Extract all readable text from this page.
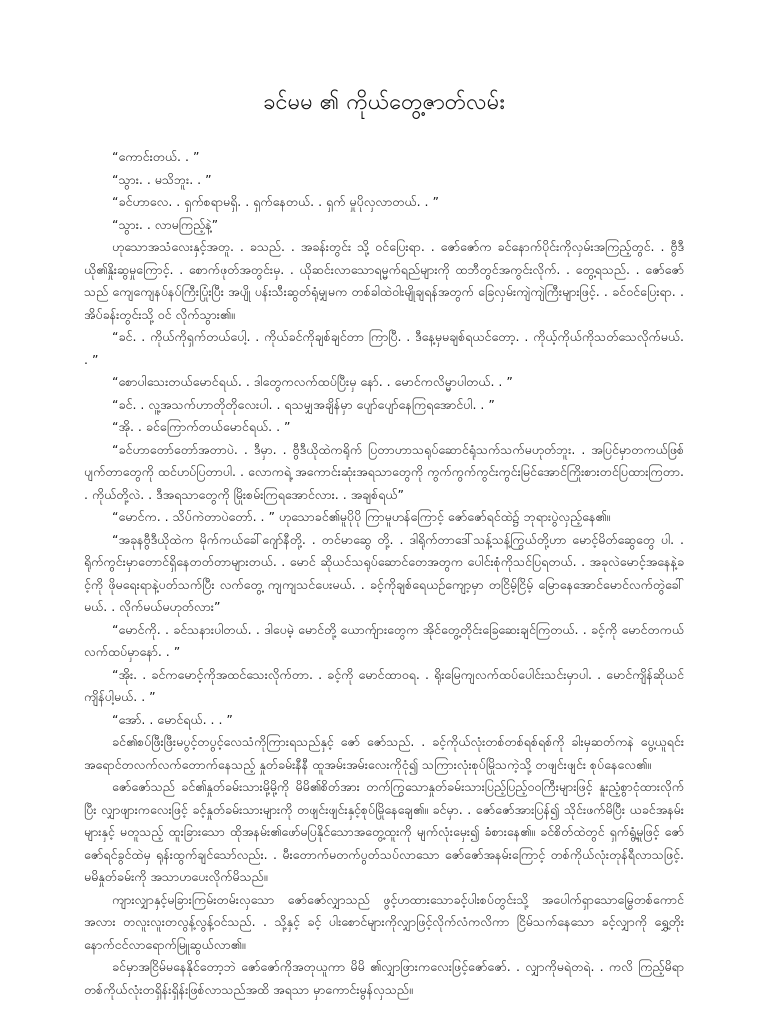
ခင်မမ ၏ ကိုယ်တွေ့ဇာတ်လမ်း

“ကောင်းတယ်. . ”

“သွား. . မသိဘူး. . ”

“ခင်ဟာလေ. . ရှက်စရာမရှိ. . ရှက်နေတယ်. . ရှက် မှုပိုလှလာတယ်. . ”

“သွား. . လာမကြည့်နဲ့”

ဟုသောအသံလေးနှင့်အတူ. . ခသည်. . အခန်းတွင်း သို့ ဝင်ပြေးရာ. . ဇော်ဇော်က ခင်နောက်ပိုင်းကိုလှမ်းအကြည့်တွင်. . ဗွီဒီယို၏နှိုးဆွမှုကြောင့်. . စောက်ဖုတ်အတွင်းမှ. . ယိုဆင်းလာသောရမ္မက်ရည်များကို ထဘီတွင်အကွင်းလိုက်. . တွေ့ရသည်. . ဇော်ဇော်သည် ကျေကျေနပ်နပ်ကြီးပြုံးပြီး အပျို ပန်းသီးဆွတ်ရုံမျှမက တစ်ခါထဲဝါးမျိုချရန်အတွက် ခြေလှမ်းကျဲကျဲကြီးများဖြင့်. . ခင်ဝင်ပြေးရာ. . အိပ်ခန်းတွင်းသို့ ဝင် လိုက်သွား၏။

“ခင်. . ကိုယ်ကိုရှက်တယ်ပေါ့. . ကိုယ်ခင်ကိုချစ်ချင်တာ ကြာပြီ. . ဒီနေ့မှမချစ်ရယင်တော့. . ကိုယ့်ကိုယ်ကိုသတ်သေလိုက်မယ်. . ”

“စောပါသေးတယ်မောင်ရယ်. . ဒါတွေကလက်ထပ်ပြီးမှ နော်. . မောင်ကလိမ္မာပါတယ်. . ”

“ခင်. . လူ့အသက်ဟာတိုတိုလေးပါ. . ရသမျှအချိန်မှာ ပျော်ပျော်နေကြရအောင်ပါ. . ”

“အို. . ခင်ကြောက်တယ်မောင်ရယ်. . ”

“ခင်ဟာတော်တော်အတာပဲ. . ဒီမှာ. . ဗွီဒီယိုထဲကရိုက် ပြတာဟာသရုပ်ဆောင်ရုံသက်သက်မဟုတ်ဘူး. . အပြင်မှာတကယ်ဖြစ်ပျက်တာတွေကို ထင်ဟပ်ပြတာပါ. . လောကရဲ့ အကောင်းဆုံးအရသာတွေကို ကွက်ကွက်ကွင်းကွင်းမြင်အောင်ကြိုးစားတင်ပြထားကြတာ. . ကိုယ်တို့လဲ. . ဒီအရသာတွေကို မြိုးစမ်းကြရအောင်လား. . အချစ်ရယ်”

“မောင်က. . သိပ်ကဲတာပဲတော်. . ” ဟုသောခင်၏မူပိုပို ကြာမူဟန်ကြောင့် ဇော်ဇော်ရင်ထဲ၌ ဘုရားပွဲလှည့်နေ၏။

“အခုနဗွီဒီယိုထဲက မိုက်ကယ်ခေါ်ဂျော်နီတို့. . တင်မာဆွေ တို့. . ဒါရိုက်တာဒေါ်သန့်သန့်ကြွယ်တို့ဟာ မောင့်မိတ်ဆွေတွေ ပါ. . ရိုက်ကွင်းမှာတောင်ရှိနေတတ်တာများတယ်. . မောင် ဆိုယင်သရုပ်ဆောင်တေအတွက ပေါင်းစုံကိုသင်ပြရတယ်. . အခုလဲမောင့်အနေနဲ့ခင့်ကို ဖိုမရေးရာနဲ့ပတ်သက်ပြီး လက်တွေ့ ကျကျသင်ပေးမယ်. . ခင့်ကိုချစ်ရေယဉ်ကျော့မှာ တငြိမ့်ငြိမ့် မြောနေအောင်မောင်လက်တွဲခေါ်မယ်. . လိုက်မယ်မဟုတ်လား”

“မောင်ကို. . ခင်သနားပါတယ်. . ဒါပေမဲ့ မောင်တို့ ယောက်ျားတွေက အိုင်တွေ့တိုင်းခြေဆေးချင်ကြတယ်. . ခင့်ကို မောင်တကယ်လက်ထပ်မှာနော်. . ”

“အိုး. . ခင်ကမောင့်ကိုအထင်သေးလိုက်တာ. . ခင့်ကို မောင်ထာဝရ. . ရိုးမြေကျလက်ထပ်ပေါင်းသင်းမှာပါ. . မောင်ကျိန်ဆိုယင်ကျိန်ပါ့မယ်. . ”

“အော်. . မောင်ရယ်. . . ”

ခင်၏စပ်ဖြီးဖြီးမပွင့်တပွင့်လေသံကိုကြားရသည်နှင့် ဇော် ဇော်သည်. . ခင့်ကိုယ်လုံးတစ်တစ်ရစ်ရစ်ကို ခါးမှဆတ်ကနဲ ပွေ့ယူရင်း အရောင်တလက်လက်တောက်နေသည့် နှုတ်ခမ်းနီနီ ထူအမ်းအမ်းလေးကိုငုံ၍ သကြားလုံးစုပ်မြိုသကဲ့သို့ တဖျင်းဖျင်း စုပ်နေလေ၏။

ဇော်ဇော်သည် ခင်၏နှုတ်ခမ်းသားမို့မို့ကို မိမိ၏စိတ်အား တက်ကြွသောနှုတ်ခမ်းသားပြည့်ပြည့်ဝဝကြီးများဖြင့် နူးညံ့စွာငုံထားလိုက်ပြီး လျှာဖျားကလေးဖြင့် ခင့်နှုတ်ခမ်းသားများကို တဖျင်းဖျင်းနှင့်စုပ်မြိုနေချေ၏။ ခင်မှာ. . ဇော်ဇော်အားပြန်၍ သိုင်းဖက်မိပြီး ယခင်အနမ်းများနှင့် မတူသည့် ထူးခြားသော ထိုအနမ်း၏ဖော်မပြနိုင်သောအတွေ့ထူးကို မျက်လုံးမှေး၍ ခံစားနေ၏။ ခင်စိတ်ထဲတွင် ရှက်ရွံ့မှုဖြင့် ဇော်ဇော်ရင်ခွင်ထဲမှ ရုန်းထွက်ချင်သော်လည်း. . မီးတောက်မတက်ပွတ်သပ်လာသော ဇော်ဇော်အနမ်းကြောင့် တစ်ကိုယ်လုံးတုန်ရီလာသဖြင့်. မမိနှုတ်ခမ်းကို အသာဟပေးလိုက်မိသည်။

ကျားလျှာနှင့်မခြားကြမ်းတမ်းလှသော ဇော်ဇော်လျှာသည် ဖွင့်ဟထားသောခင့်ပါးစပ်တွင်းသို့ အပေါက်ရှာသောမြွေတစ်ကောင်အလား တလူးလူးတလွန့်လွန့်ဝင်သည်. . သို့နှင့် ခင့် ပါးစောင်များကိုလျှာဖြင့်လိုက်လံကလိကာ ငြိမ်သက်နေသော ခင့်လျှာကို ရွှေ့တိုးနောက်ငင်လာရောက်မြူဆွယ်လာ၏။

ခင်မှာအငြိမ်မနေနိုင်တော့ဘဲ ဇော်ဇော်ကိုအတုယူကာ မိမိ ၏လျှာဖြားကလေးဖြင့်ဇော်ဇော်. . လျှာကိုမရဲတရဲ. . ကလိ ကြည့်မိရာတစ်ကိုယ်လုံးတရှိန်းရှိန်းဖြစ်လာသည်အထိ အရသာ မှာကောင်းမွန်လှသည်။
